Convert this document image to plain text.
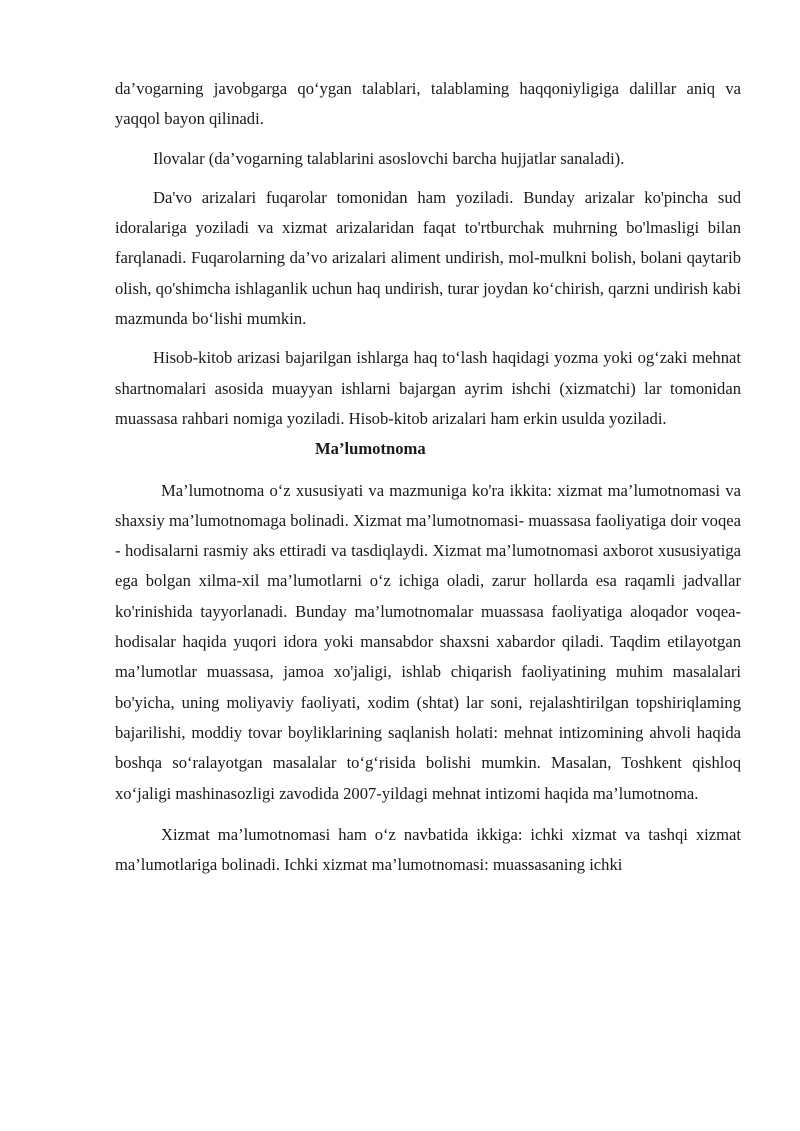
da’vogarning javobgarga qo‘ygan talablari, talablaming haqqoniyligiga dalillar aniq va yaqqol bayon qilinadi.

Ilovalar (da’vogarning talablarini asoslovchi barcha hujjatlar sanaladi).

Da'vo arizalari fuqarolar tomonidan ham yoziladi. Bunday arizalar ko'pincha sud idoralariga yoziladi va xizmat arizalaridan faqat to'rtburchak muhrning bo'lmasligi bilan farqlanadi. Fuqarolarning da’vo arizalari aliment undirish, mol-mulkni bolish, bolani qaytarib olish, qo'shimcha ishlaganlik uchun haq undirish, turar joydan ko‘chirish, qarzni undirish kabi mazmunda bo‘lishi mumkin.

Hisob-kitob arizasi bajarilgan ishlarga haq to‘lash haqidagi yozma yoki og‘zaki mehnat shartnomalari asosida muayyan ishlarni bajargan ayrim ishchi (xizmatchi) lar tomonidan muassasa rahbari nomiga yoziladi. Hisob-kitob arizalari ham erkin usulda yoziladi.

Ma’lumotnoma

Ma’lumotnoma o‘z xususiyati va mazmuniga ko'ra ikkita: xizmat ma’lumotnomasi va shaxsiy ma’lumotnomaga bolinadi. Xizmat ma’lumotnomasi- muassasa faoliyatiga doir voqea - hodisalarni rasmiy aks ettiradi va tasdiqlaydi. Xizmat ma’lumotnomasi axborot xususiyatiga ega bolgan xilma-xil ma’lumotlarni o‘z ichiga oladi, zarur hollarda esa raqamli jadvallar ko'rinishida tayyorlanadi. Bunday ma’lumotnomalar muassasa faoliyatiga aloqador voqea-hodisalar haqida yuqori idora yoki mansabdor shaxsni xabardor qiladi. Taqdim etilayotgan ma’lumotlar muassasa, jamoa xo'jaligi, ishlab chiqarish faoliyatining muhim masalalari bo'yicha, uning moliyaviy faoliyati, xodim (shtat) lar soni, rejalashtirilgan topshiriqlaming bajarilishi, moddiy tovar boyliklarining saqlanish holati: mehnat intizomining ahvoli haqida boshqa so‘ralayotgan masalalar to‘g‘risida bolishi mumkin. Masalan, Toshkent qishloq xo‘jaligi mashinasozligi zavodida 2007-yildagi mehnat intizomi haqida ma’lumotnoma.

Xizmat ma’lumotnomasi ham o‘z navbatida ikkiga: ichki xizmat va tashqi xizmat ma’lumotlariga bolinadi. Ichki xizmat ma’lumotnomasi: muassasaning ichki
